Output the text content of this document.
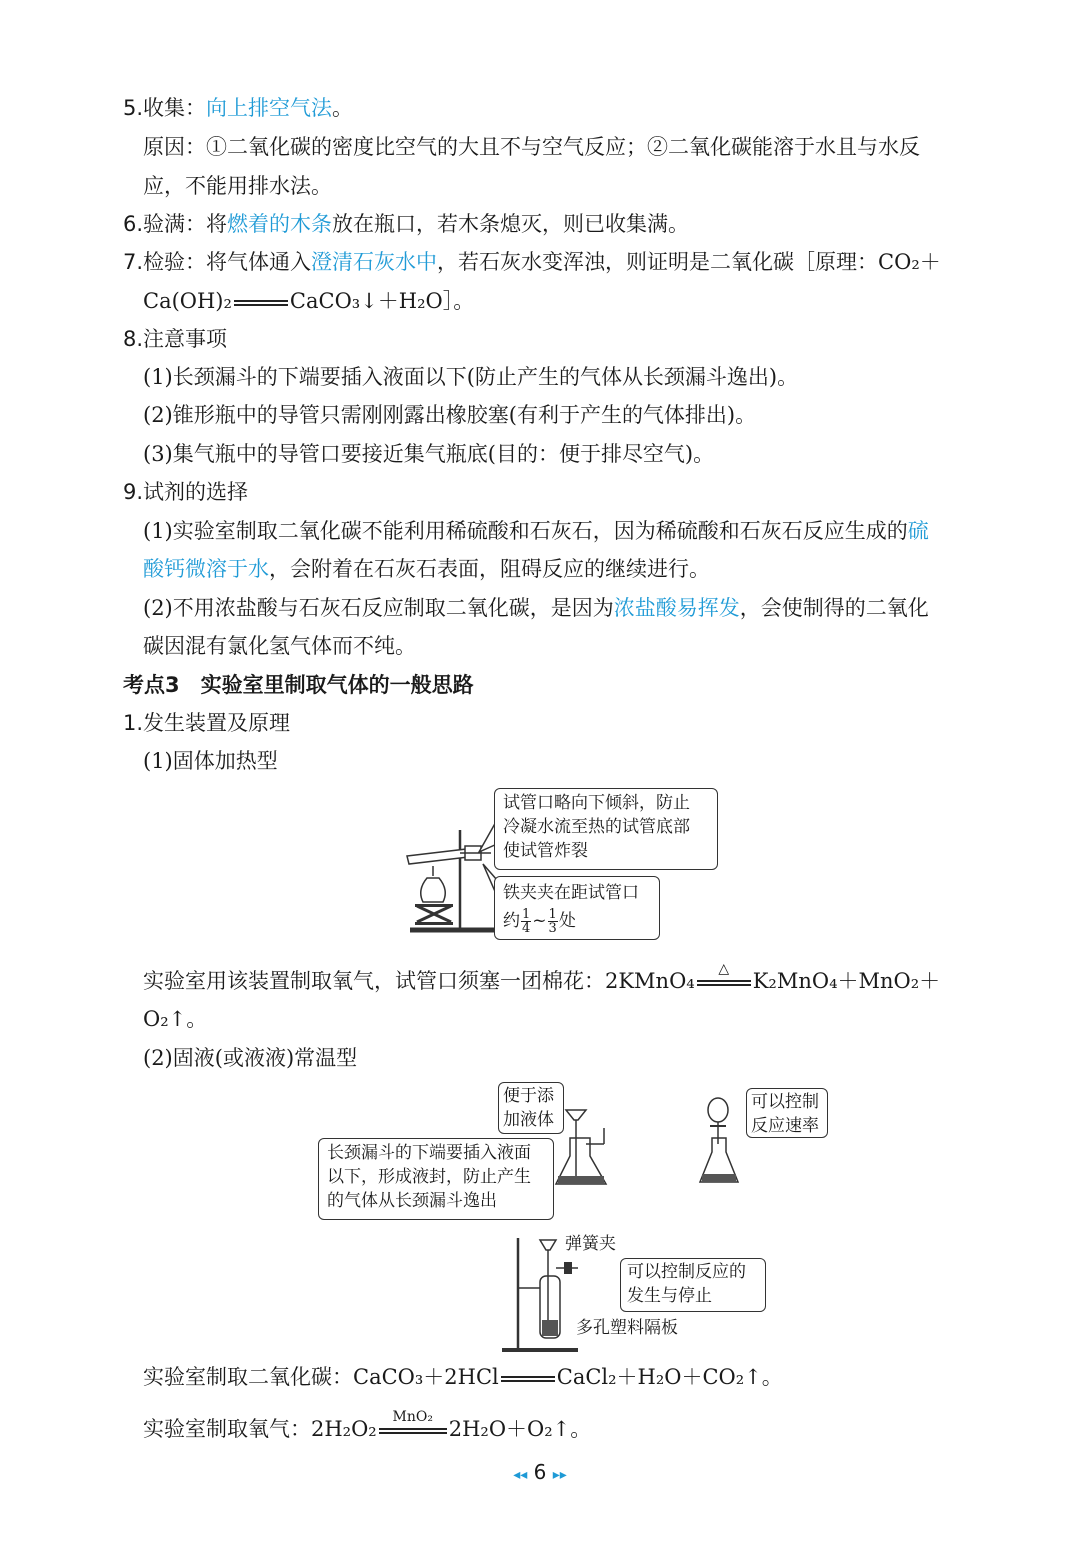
5.收集：向上排空气法。
原因：①二氧化碳的密度比空气的大且不与空气反应；②二氧化碳能溶于水且与水反
应，不能用排水法。
6.验满：将燃着的木条放在瓶口，若木条熄灭，则已收集满。
7.检验：将气体通入澄清石灰水中，若石灰水变浑浊，则证明是二氧化碳［原理：CO₂＋
Ca(OH)₂	CaCO₃↓＋H₂O］。
8.注意事项
(1)长颈漏斗的下端要插入液面以下(防止产生的气体从长颈漏斗逸出)。
(2)锥形瓶中的导管只需刚刚露出橡胶塞(有利于产生的气体排出)。
(3)集气瓶中的导管口要接近集气瓶底(目的：便于排尽空气)。
9.试剂的选择
(1)实验室制取二氧化碳不能利用稀硫酸和石灰石，因为稀硫酸和石灰石反应生成的硫
酸钙微溶于水，会附着在石灰石表面，阻碍反应的继续进行。
(2)不用浓盐酸与石灰石反应制取二氧化碳，是因为浓盐酸易挥发，会使制得的二氧化
碳因混有氯化氢气体而不纯。
考点3　实验室里制取气体的一般思路
1.发生装置及原理
(1)固体加热型
试管口略向下倾斜，防止
冷凝水流至热的试管底部
使试管炸裂
铁夹夹在距试管口
约 $\frac{1}{4}$ ~ $\frac{1}{3}$ 处
实验室用该装置制取氧气，试管口须塞一团棉花：2KMnO₄	△	K₂MnO₄＋MnO₂＋
O₂↑。
(2)固液(或液液)常温型
便于添
加液体
长颈漏斗的下端要插入液面
以下，形成液封，防止产生
的气体从长颈漏斗逸出
可以控制
反应速率
弹簧夹
可以控制反应的
发生与停止
多孔塑料隔板
实验室制取二氧化碳：CaCO₃＋2HCl	CaCl₂＋H₂O＋CO₂↑。
实验室制取氧气：2H₂O₂	MnO₂ 2H₂O＋O₂↑。
◂◂ 6 ▸▸
